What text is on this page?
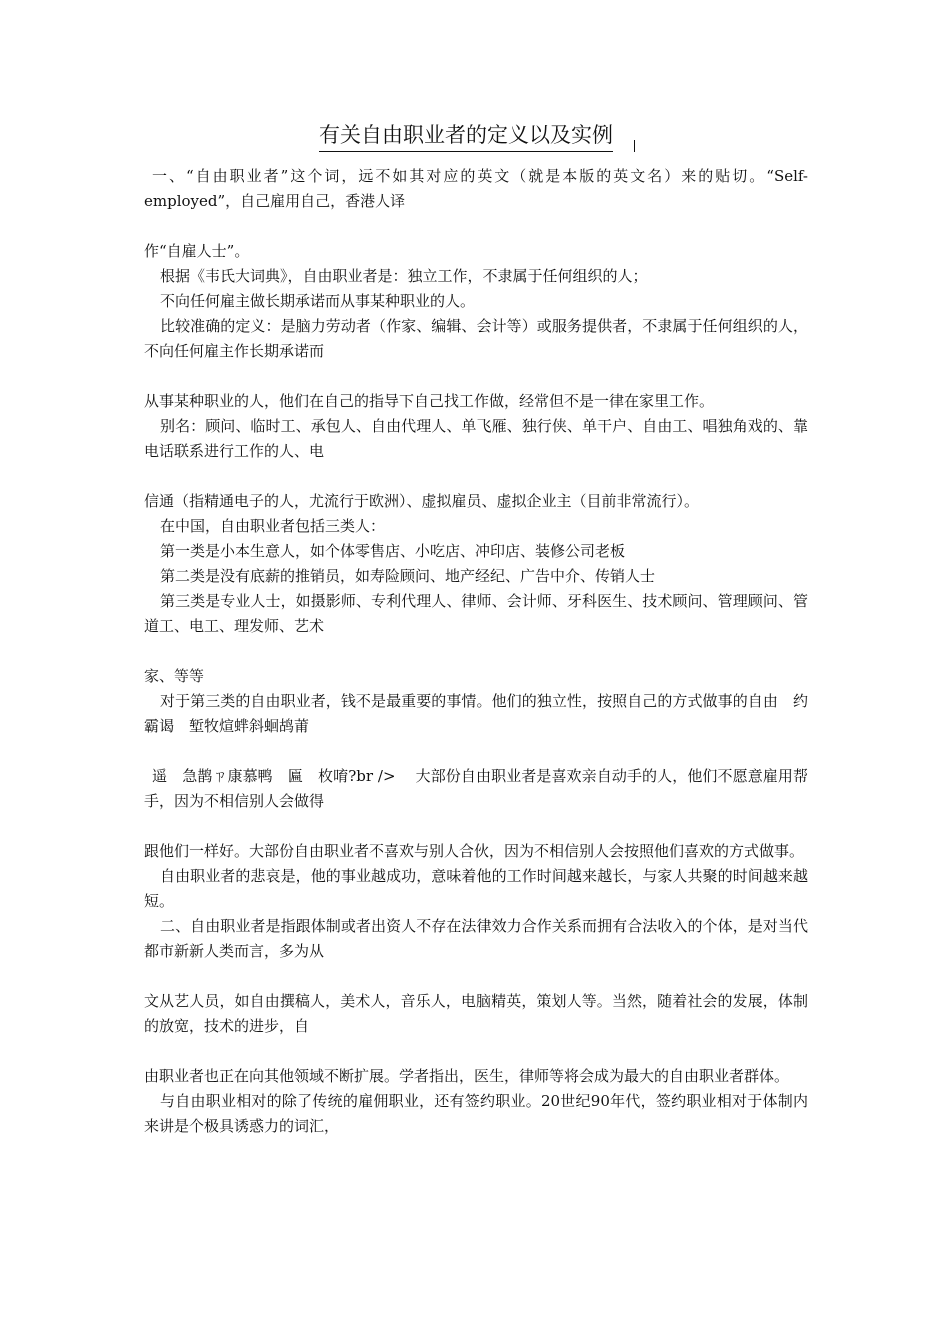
有关自由职业者的定义以及实例

一、“自由职业者”这个词，远不如其对应的英文（就是本版的英文名）来的贴切。“Self-employed”，自己雇用自己，香港人译

作“自雇人士”。

根据《韦氏大词典》，自由职业者是：独立工作，不隶属于任何组织的人；

不向任何雇主做长期承诺而从事某种职业的人。

比较准确的定义：是脑力劳动者（作家、编辑、会计等）或服务提供者，不隶属于任何组织的人，不向任何雇主作长期承诺而

从事某种职业的人，他们在自己的指导下自己找工作做，经常但不是一律在家里工作。

别名：顾问、临时工、承包人、自由代理人、单飞雁、独行侠、单干户、自由工、唱独角戏的、靠电话联系进行工作的人、电

信通（指精通电子的人，尤流行于欧洲）、虚拟雇员、虚拟企业主（目前非常流行）。

在中国，自由职业者包括三类人：

第一类是小本生意人，如个体零售店、小吃店、冲印店、装修公司老板

第二类是没有底薪的推销员，如寿险顾问、地产经纪、广告中介、传销人士

第三类是专业人士，如摄影师、专利代理人、律师、会计师、牙科医生、技术顾问、管理顾问、管道工、电工、理发师、艺术

家、等等

对于第三类的自由职业者，钱不是最重要的事情。他们的独立性，按照自己的方式做事的自由　约霸谒　堑牧煊蝆斜蛔鸪莆

遥　急鹊ㄗ康慕鸭　匾　枚唷?br />　 大部份自由职业者是喜欢亲自动手的人，他们不愿意雇用帮手，因为不相信别人会做得

跟他们一样好。大部份自由职业者不喜欢与别人合伙，因为不相信别人会按照他们喜欢的方式做事。

自由职业者的悲哀是，他的事业越成功，意味着他的工作时间越来越长，与家人共聚的时间越来越短。

二、自由职业者是指跟体制或者出资人不存在法律效力合作关系而拥有合法收入的个体，是对当代都市新新人类而言，多为从

文从艺人员，如自由撰稿人，美术人，音乐人，电脑精英，策划人等。当然，随着社会的发展，体制的放宽，技术的进步，自

由职业者也正在向其他领域不断扩展。学者指出，医生，律师等将会成为最大的自由职业者群体。

与自由职业相对的除了传统的雇佣职业，还有签约职业。20世纪90年代，签约职业相对于体制内来讲是个极具诱惑力的词汇，
